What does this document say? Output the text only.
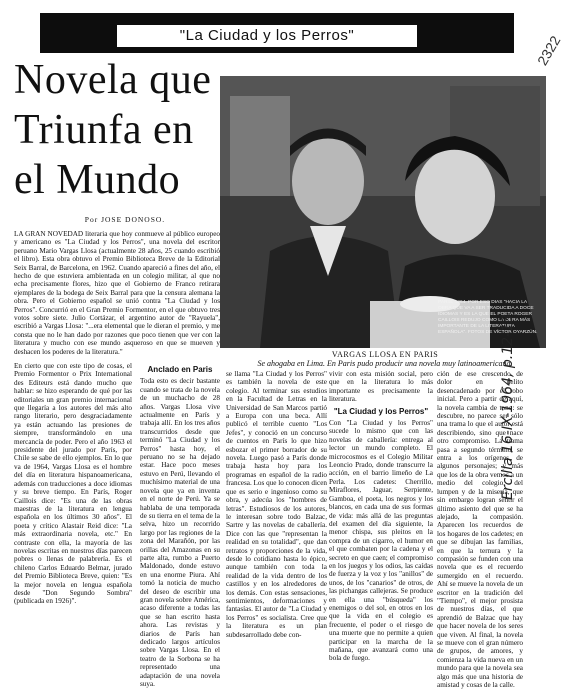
"La Ciudad y los Perros"	2322
Novela que
Triunfa en
el Mundo
Por JOSE DONOSO.
LA GRAN NOVEDAD literaria que hoy conmueve al público europeo y americano es "La Ciudad y los Perros", una novela del escritor peruano Mario Vargas Llosa (actualmente 28 años, 25 cuando escribió el libro). Esta obra obtuvo el Premio Biblioteca Breve de la Editorial Seix Barral, de Barcelona, en 1962. Cuando apareció a fines del año, el hecho de que estuviera ambientada en un colegio militar, al que no echa precisamente flores, hizo que el Gobierno de Franco retirara ejemplares de la bodega de Seix Barral para que la censura alemana la obra. Pero el Gobierno español se unió contra "La Ciudad y los Perros". Concurrió en el Gran Premio Formentor, en el que obtuvo tres votos sobre siete. Julio Cortázar, el argentino autor de "Rayuela", escribió a Vargas Llosa: "...era elemental que le dieran el premio, y me consta que no le han dado por razones que poco tienen que ver con la literatura y mucho con ese mundo asqueroso en que se mueven y deshacen los poderes de la literatura."
PARIS, 1964. POR ESO DIAS "HACIA LA OBRA QUE VA A SER TRADUCIDA A DOCE IDIOMAS Y ES LA QUE EL POETA ROGER CAILLOIS REDUJO COMO LA OBRA MÁS IMPORTANTE DE LA LITERATURA ESPAÑOLA". FOTOS DE VÍCTOR OYARZÚN.
VARGAS LLOSA EN PARIS
Se ahogaba en Lima. En Paris pudo producir una novela muy latinoamericana.
En cierto que con este tipo de cosas, el Premio Formentor o Prix International des Editeurs está dando mucho que hablar: se hizo esperando de qué por las editoriales un gran premio internacional que llegaría a los autores del más alto rango literario, pero desgraciadamente ya están actuando las presiones de siempre, transformándolo en una mercancía de poder. Pero el año 1963 el presidente del jurado por París, por Chile se sabe de ello ejemplos. En lo que va de 1964, Vargas Llosa es el hombre del día en literatura hispanoamericana, además con traducciones a doce idiomas y su breve tiempo. En París, Roger Caillois dice: "Es una de las obras maestras de la literatura en lengua española en los últimos 30 años". El poeta y crítico Alastair Reid dice: "La más extraordinaria novela, etc." En contraste con ella, la mayoría de las novelas escritas en nuestros días parecen pobres o llenas de palabrería. Es el chileno Carlos Eduardo Belmar, jurado del Premio Biblioteca Breve, quien: "Es la mejor novela en lengua española desde "Don Segundo Sombra" (publicada en 1926)".
Anclado en Paris
Toda esto es decir bastante cuando se trata de la novela de un muchacho de 28 años. Vargas Llosa vive actualmente en París y trabaja allí. En los tres años transcurridos desde que terminó "La Ciudad y los Perros" hasta hoy, el peruano no se ha dejado estar. Hace poco meses estuvo en Perú, llevando el muchísimo material de una novela que ya en inventa en el norte de Perú. Ya se hablaba de una temporada de su tierra en el tema de la selva, hizo un recorrido largo por las regiones de la zona del Marañón, por las orillas del Amazonas en su parte alta, rumbo a Puerto Maldonado, donde estuvo en una enorme Piura. Ahí tomó la noticia de mucho del deseo de escribir una gran novela sobre América, acaso diferente a todas las que se han escrito hasta ahora. Las revistas y diarios de París han dedicado largos artículos sobre Vargas Llosa. En el teatro de la Sorbona se ha representado una adaptación de una novela suya.
se llama "La Ciudad y los Perros" es también la novela de este colegio. Al terminar sus estudios en la Facultad de Letras en la Universidad de San Marcos partió a Europa con una beca. Allí publicó el terrible cuento "Los Jefes", y conoció en un concurso de cuentos en París lo que hizo esbozar el primer borrador de su novela. Luego pasó a París donde trabaja hasta hoy para los programas en español de la radio francesa. Los que lo conocen dicen que es serio e ingenioso como su obra, y adecúa los "hombres de letras". Estudiosos de los autores, le interesan sobre todo Balzac, Sartre y las novelas de caballería. Dice con las que "representan la realidad en su totalidad", que dan retratos y proporciones de la vida, desde lo cotidiano hasta lo épico, aunque también con toda la realidad de la vida dentro de los castillos y en los alrededores de los demás. Con estas sensaciones, sentimientos, deformaciones y fantasías. El autor de "La Ciudad y los Perros" es socialista. Cree que la literatura es un plan subdesarrollado debe con-
vivir con esta misión social, pero que en la literatura lo más importante es precisamente la literatura.
"La Ciudad y los Perros"
Con "La Ciudad y los Perros" sucede lo mismo que con las novelas de caballería: entrega al lector un mundo completo. El microcosmos es el Colegio Militar Leoncio Prado, donde transcurre la acción, en el barrio limeño de La Perla. Los cadetes: Cherrillo, Miraflores, Jaguar, Serpiente, Gamboa, el poeta, los negros y los blancos, en cada una de sus formas de vida: más allá de las preguntas del examen del día siguiente, la menor chispa, sus pleitos en la compra de un cigarro, el humor en el que combaten por la cadena y el secreto en que caen; el compromiso en los juegos y los odios, las caídas de fuerza y la voz y los "anillos" de unos, de los "canarios" de otros, de las pichangas callejeras. Se produce en ella una "búsqueda" los enemigos o del sol, en otros en los que la vida en el colegio es frecuente, el poder o el riesgo de una muerte que no permite a quien participar en la marcha de la mañana, que avanzará como una bola de fuego.
ción de ese crescendo de dolor en delito desencadenado por el robo inicial. Pero a partir de aquí, la novela cambia de tono: se descubre, no parece ser sólo una trama lo que el autor está describiendo, sino que nace otro compromiso. La trama pasa a segundo término, se entra a los orígenes de algunos personajes; y más que los de la obra vemos a un medio del colegio, del lumpen y de la miseria, que sin embargo logran sentir el último asiento del que se ha alejado, la compasión. Aparecen los recuerdos de los hogares de los cadetes; en que se dibujan las familias, en que la ternura y la compasión se funden con una novela que es el recuerdo sumergido en el recuerdo. Ahí se mueve la novela de un escritor en la tradición del "Tiempo", el mejor prosista de nuestros días, el que aprendió de Balzac que hay que hacer novela de los seres que viven. Al final, la novela se mueve con el gran número de grupos, de amores, y comienza la vida nueva en un mundo para que la novela sea algo más que una historia de amistad y cosas de la calle.
Ercilla 16-IX-1964, p.12-13
